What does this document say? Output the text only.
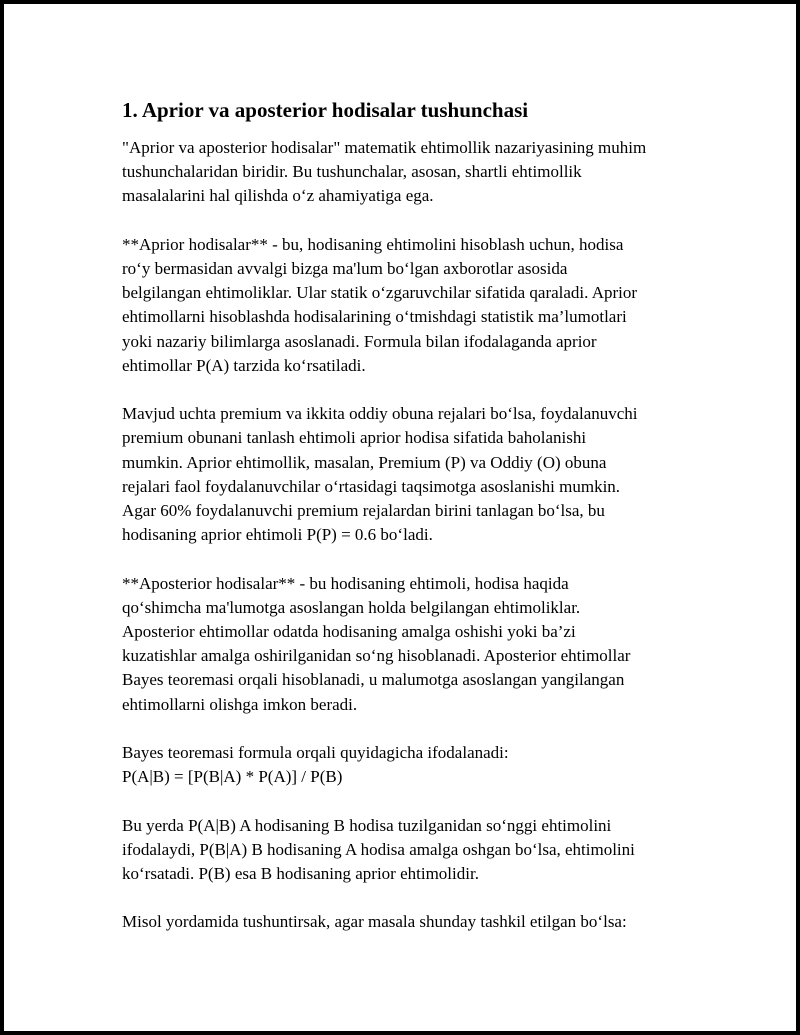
1. Aprior va aposterior hodisalar tushunchasi

"Aprior va aposterior hodisalar" matematik ehtimollik nazariyasining muhim
tushunchalaridan biridir. Bu tushunchalar, asosan, shartli ehtimollik
masalalarini hal qilishda o‘z ahamiyatiga ega.

**Aprior hodisalar** - bu, hodisaning ehtimolini hisoblash uchun, hodisa
ro‘y bermasidan avvalgi bizga ma'lum bo‘lgan axborotlar asosida
belgilangan ehtimoliklar. Ular statik o‘zgaruvchilar sifatida qaraladi. Aprior
ehtimollarni hisoblashda hodisalarining o‘tmishdagi statistik ma’lumotlari
yoki nazariy bilimlarga asoslanadi. Formula bilan ifodalaganda aprior
ehtimollar P(A) tarzida ko‘rsatiladi.

Mavjud uchta premium va ikkita oddiy obuna rejalari bo‘lsa, foydalanuvchi
premium obunani tanlash ehtimoli aprior hodisa sifatida baholanishi
mumkin. Aprior ehtimollik, masalan, Premium (P) va Oddiy (O) obuna
rejalari faol foydalanuvchilar o‘rtasidagi taqsimotga asoslanishi mumkin.
Agar 60% foydalanuvchi premium rejalardan birini tanlagan bo‘lsa, bu
hodisaning aprior ehtimoli P(P) = 0.6 bo‘ladi.

**Aposterior hodisalar** - bu hodisaning ehtimoli, hodisa haqida
qo‘shimcha ma'lumotga asoslangan holda belgilangan ehtimoliklar.
Aposterior ehtimollar odatda hodisaning amalga oshishi yoki ba’zi
kuzatishlar amalga oshirilganidan so‘ng hisoblanadi. Aposterior ehtimollar
Bayes teoremasi orqali hisoblanadi, u malumotga asoslangan yangilangan
ehtimollarni olishga imkon beradi.

Bayes teoremasi formula orqali quyidagicha ifodalanadi:
P(A|B) = [P(B|A) * P(A)] / P(B)

Bu yerda P(A|B) A hodisaning B hodisa tuzilganidan so‘nggi ehtimolini
ifodalaydi, P(B|A) B hodisaning A hodisa amalga oshgan bo‘lsa, ehtimolini
ko‘rsatadi. P(B) esa B hodisaning aprior ehtimolidir.

Misol yordamida tushuntirsak, agar masala shunday tashkil etilgan bo‘lsa:
